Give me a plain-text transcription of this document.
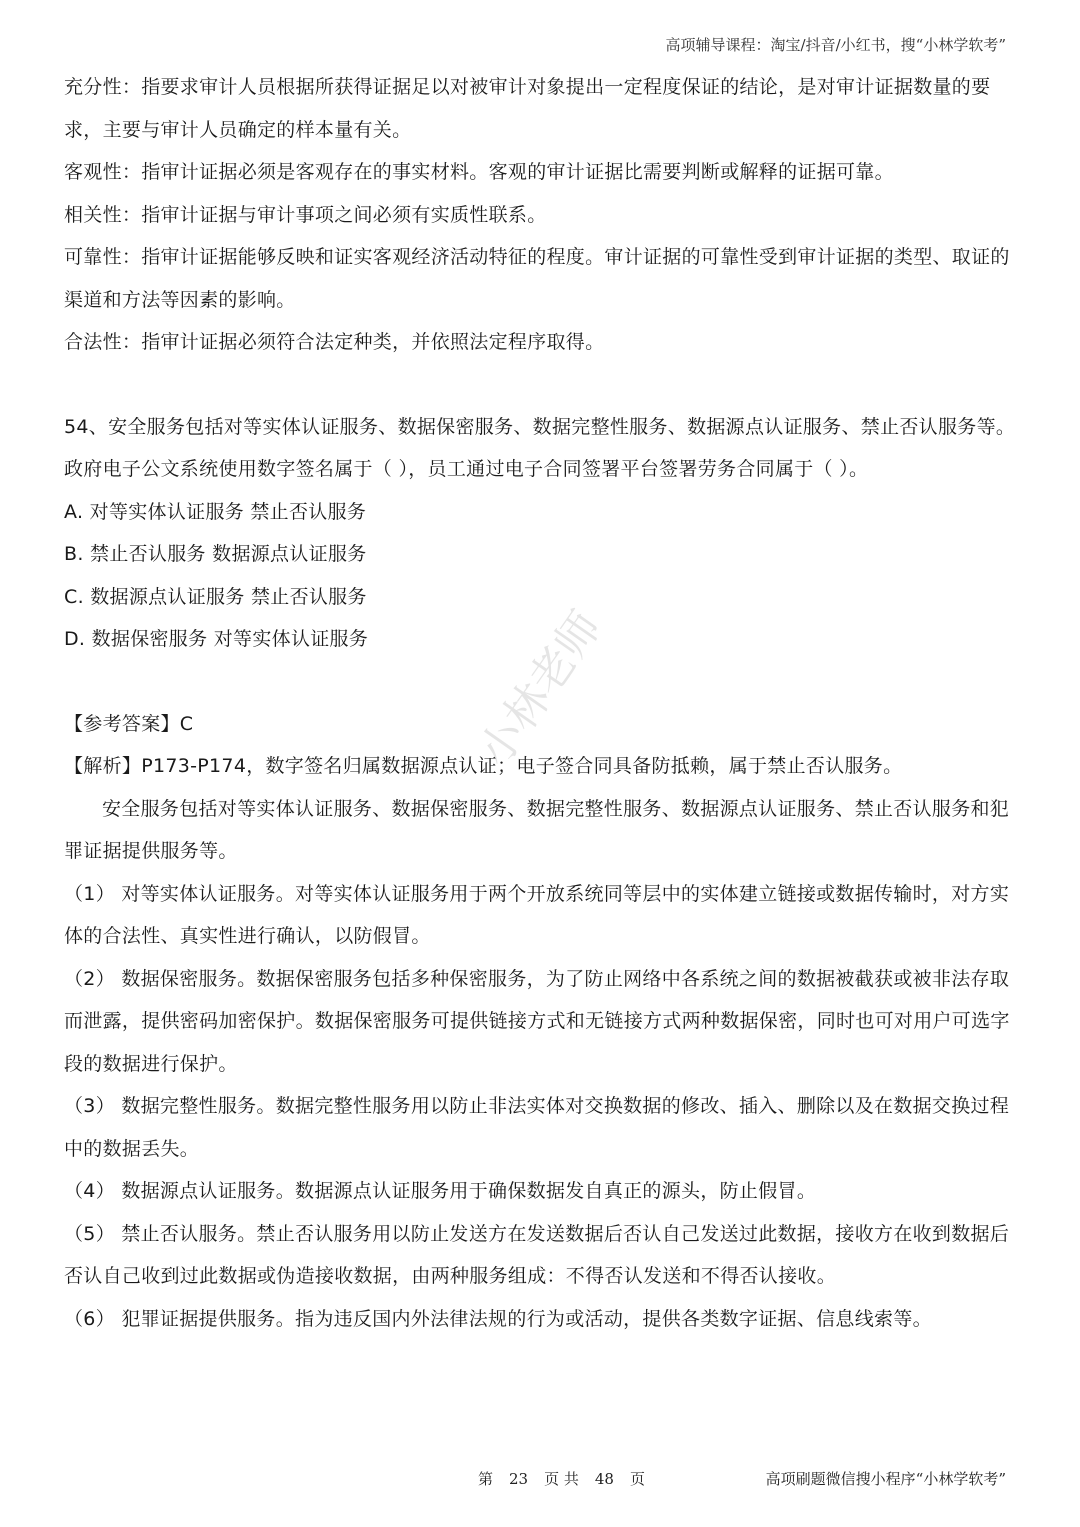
高项辅导课程：淘宝/抖音/小红书，搜“小林学软考”

充分性：指要求审计人员根据所获得证据足以对被审计对象提出一定程度保证的结论，是对审计证据数量的要求，主要与审计人员确定的样本量有关。

客观性：指审计证据必须是客观存在的事实材料。客观的审计证据比需要判断或解释的证据可靠。

相关性：指审计证据与审计事项之间必须有实质性联系。

可靠性：指审计证据能够反映和证实客观经济活动特征的程度。审计证据的可靠性受到审计证据的类型、取证的渠道和方法等因素的影响。

合法性：指审计证据必须符合法定种类，并依照法定程序取得。

54、安全服务包括对等实体认证服务、数据保密服务、数据完整性服务、数据源点认证服务、禁止否认服务等。政府电子公文系统使用数字签名属于（ ），员工通过电子合同签署平台签署劳务合同属于（ ）。

A. 对等实体认证服务 禁止否认服务

B. 禁止否认服务 数据源点认证服务

C. 数据源点认证服务 禁止否认服务

D. 数据保密服务 对等实体认证服务

【参考答案】C

【解析】P173-P174，数字签名归属数据源点认证；电子签合同具备防抵赖，属于禁止否认服务。

安全服务包括对等实体认证服务、数据保密服务、数据完整性服务、数据源点认证服务、禁止否认服务和犯罪证据提供服务等。

（1） 对等实体认证服务。对等实体认证服务用于两个开放系统同等层中的实体建立链接或数据传输时，对方实体的合法性、真实性进行确认，以防假冒。

（2） 数据保密服务。数据保密服务包括多种保密服务，为了防止网络中各系统之间的数据被截获或被非法存取而泄露，提供密码加密保护。数据保密服务可提供链接方式和无链接方式两种数据保密，同时也可对用户可选字段的数据进行保护。

（3） 数据完整性服务。数据完整性服务用以防止非法实体对交换数据的修改、插入、删除以及在数据交换过程中的数据丢失。

（4） 数据源点认证服务。数据源点认证服务用于确保数据发自真正的源头，防止假冒。

（5） 禁止否认服务。禁止否认服务用以防止发送方在发送数据后否认自己发送过此数据，接收方在收到数据后否认自己收到过此数据或伪造接收数据，由两种服务组成：不得否认发送和不得否认接收。

（6） 犯罪证据提供服务。指为违反国内外法律法规的行为或活动，提供各类数字证据、信息线索等。

小林老师
第 23 页 共 48 页	高项刷题微信搜小程序“小林学软考”
